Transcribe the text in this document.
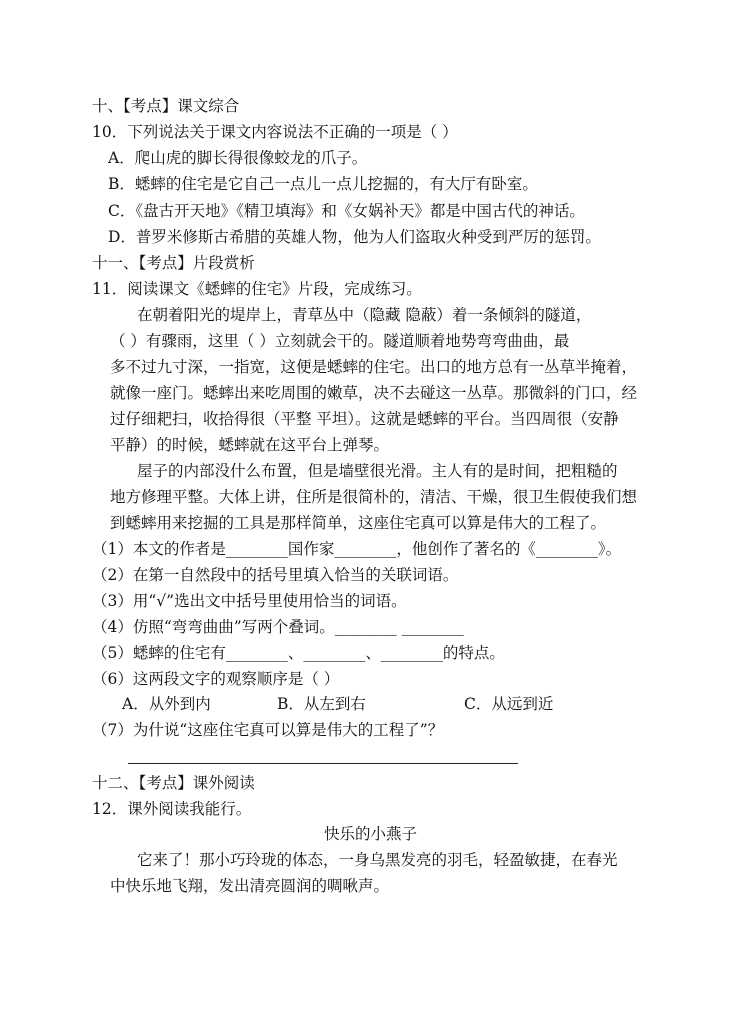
十、【考点】课文综合
10．下列说法关于课文内容说法不正确的一项是（ ）
A．爬山虎的脚长得很像蛟龙的爪子。
B．蟋蟀的住宅是它自己一点儿一点儿挖掘的，有大厅有卧室。
C．《盘古开天地》《精卫填海》和《女娲补天》都是中国古代的神话。
D．普罗米修斯古希腊的英雄人物，他为人们盗取火种受到严厉的惩罚。
十一、【考点】片段赏析
11．阅读课文《蟋蟀的住宅》片段，完成练习。
在朝着阳光的堤岸上，青草丛中（隐藏 隐蔽）着一条倾斜的隧道，
（ ）有骤雨，这里（ ）立刻就会干的。隧道顺着地势弯弯曲曲，最
多不过九寸深，一指宽，这便是蟋蟀的住宅。出口的地方总有一丛草半掩着，
就像一座门。蟋蟀出来吃周围的嫩草，决不去碰这一丛草。那微斜的门口，经
过仔细耙扫，收拾得很（平整 平坦）。这就是蟋蟀的平台。当四周很（安静
平静）的时候，蟋蟀就在这平台上弹琴。
屋子的内部没什么布置，但是墙壁很光滑。主人有的是时间，把粗糙的
地方修理平整。大体上讲，住所是很简朴的，清洁、干燥，很卫生假使我们想
到蟋蟀用来挖掘的工具是那样简单，这座住宅真可以算是伟大的工程了。
（1）本文的作者是________国作家________，他创作了著名的《________》。
（2）在第一自然段中的括号里填入恰当的关联词语。
（3）用“√”选出文中括号里使用恰当的词语。
（4）仿照“弯弯曲曲”写两个叠词。________ ________
（5）蟋蟀的住宅有________、________、________的特点。
（6）这两段文字的观察顺序是（ ）
A．从外到内	B．从左到右	C．从远到近
（7）为什说“这座住宅真可以算是伟大的工程了”？
十二、【考点】课外阅读
12．课外阅读我能行。
快乐的小燕子
它来了！那小巧玲珑的体态，一身乌黑发亮的羽毛，轻盈敏捷，在春光
中快乐地飞翔，发出清亮圆润的啁啾声。
